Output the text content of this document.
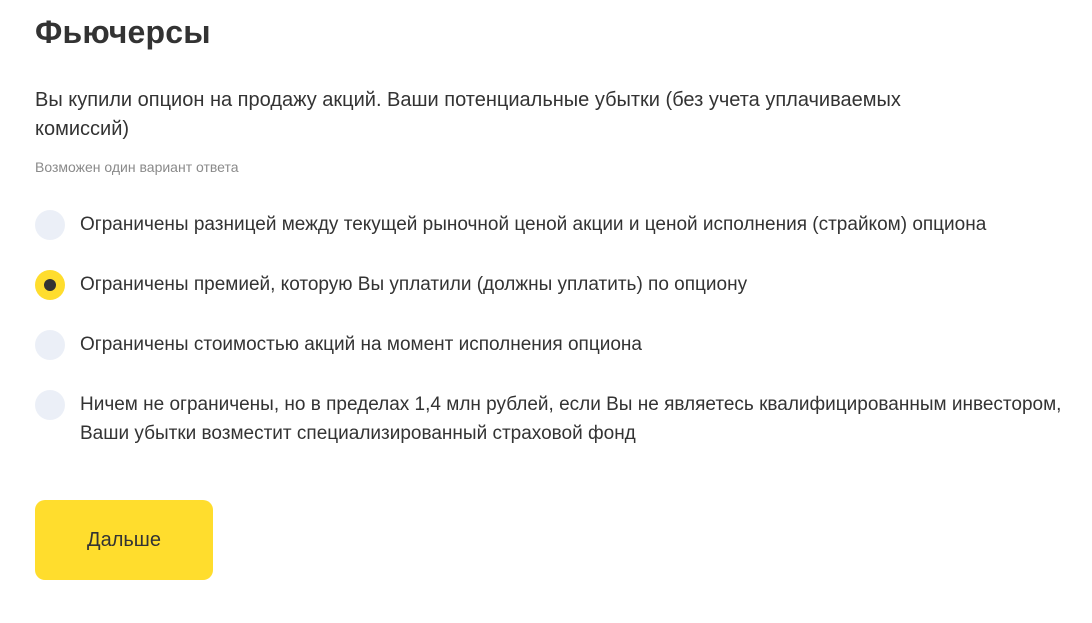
Фьючерсы

Вы купили опцион на продажу акций. Ваши потенциальные убытки (без учета уплачиваемых комиссий)

Возможен один вариант ответа

Ограничены разницей между текущей рыночной ценой акции и ценой исполнения (страйком) опциона
Ограничены премией, которую Вы уплатили (должны уплатить) по опциону
Ограничены стоимостью акций на момент исполнения опциона
Ничем не ограничены, но в пределах 1,4 млн рублей, если Вы не являетесь квалифицированным инвестором, Ваши убытки возместит специализированный страховой фонд
Дальше
